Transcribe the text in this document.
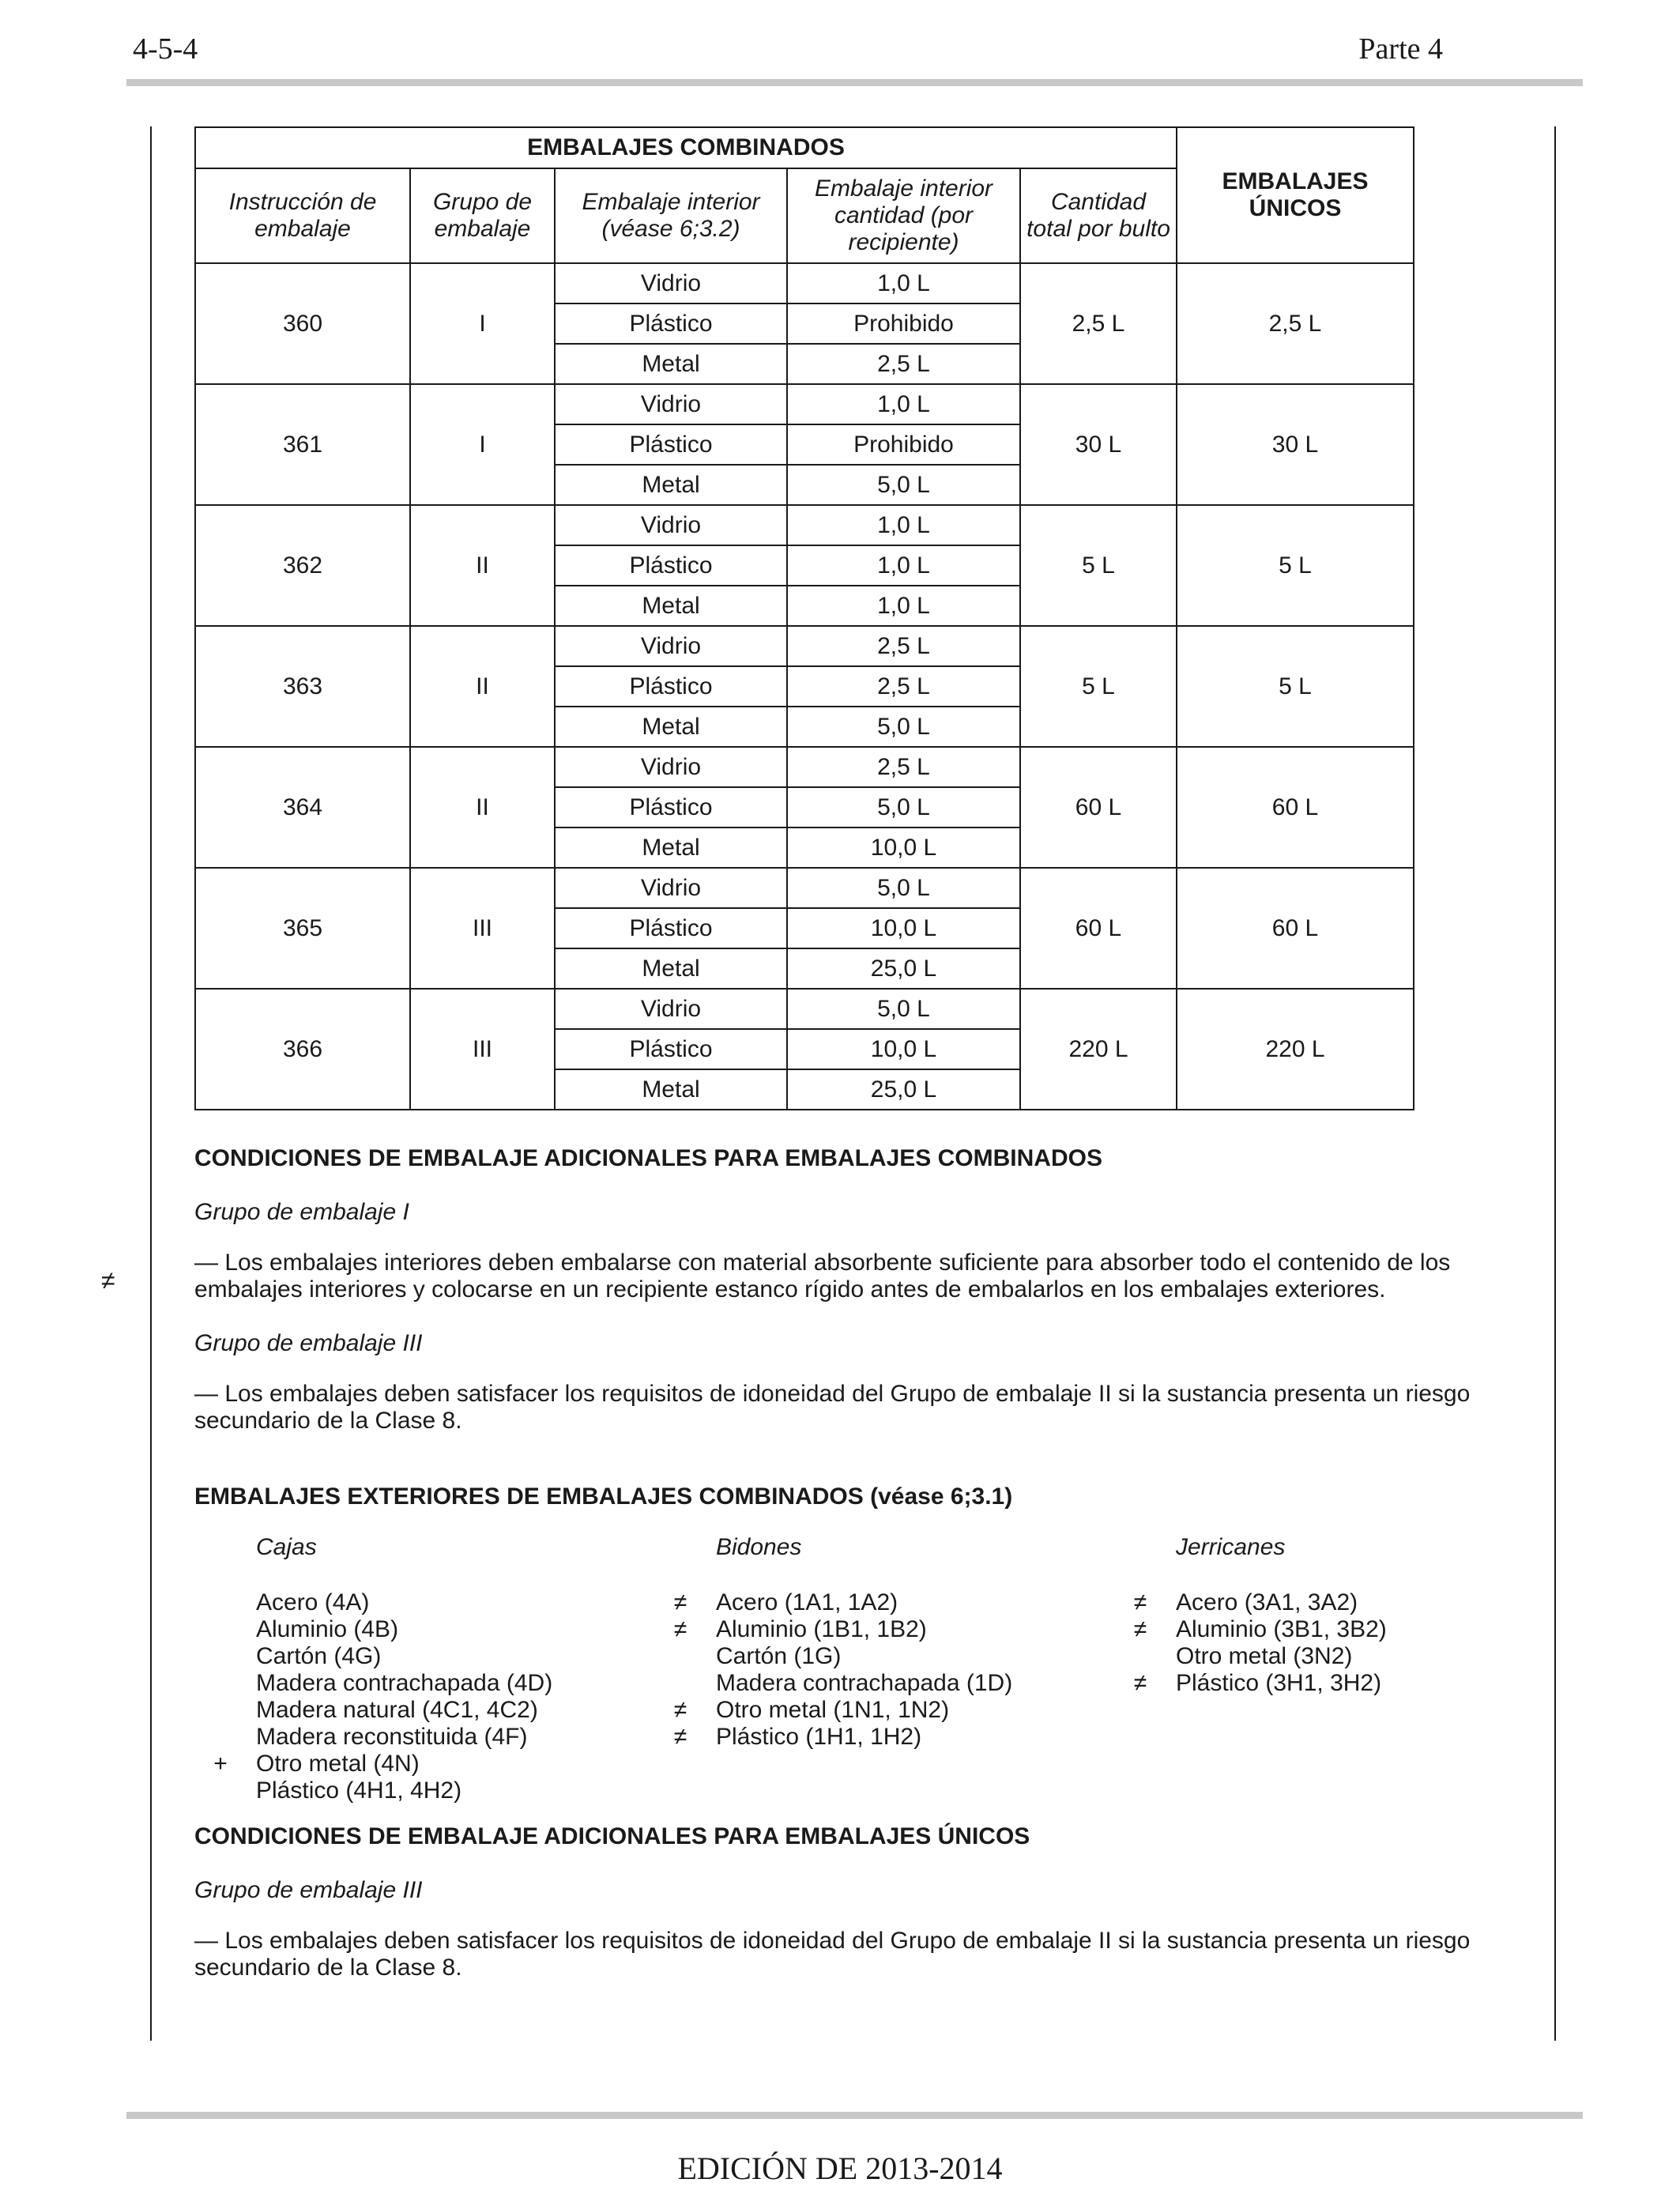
4-5-4	Parte 4
≠
EMBALAJES COMBINADOS					EMBALAJES ÚNICOS
Instrucción de embalaje	Grupo de embalaje	Embalaje interior (véase 6;3.2)	Embalaje interior cantidad (por recipiente)	Cantidad total por bulto	
360	I	Vidrio	1,0 L	2,5 L	2,5 L
		Plástico	Prohibido		
		Metal	2,5 L		
361	I	Vidrio	1,0 L	30 L	30 L
		Plástico	Prohibido		
		Metal	5,0 L		
362	II	Vidrio	1,0 L	5 L	5 L
		Plástico	1,0 L		
		Metal	1,0 L		
363	II	Vidrio	2,5 L	5 L	5 L
		Plástico	2,5 L		
		Metal	5,0 L		
364	II	Vidrio	2,5 L	60 L	60 L
		Plástico	5,0 L		
		Metal	10,0 L		
365	III	Vidrio	5,0 L	60 L	60 L
		Plástico	10,0 L		
		Metal	25,0 L		
366	III	Vidrio	5,0 L	220 L	220 L
		Plástico	10,0 L		
		Metal	25,0 L		
CONDICIONES DE EMBALAJE ADICIONALES PARA EMBALAJES COMBINADOS
Grupo de embalaje I
— Los embalajes interiores deben embalarse con material absorbente suficiente para absorber todo el contenido de los embalajes interiores y colocarse en un recipiente estanco rígido antes de embalarlos en los embalajes exteriores.
Grupo de embalaje III
— Los embalajes deben satisfacer los requisitos de idoneidad del Grupo de embalaje II si la sustancia presenta un riesgo secundario de la Clase 8.
EMBALAJES EXTERIORES DE EMBALAJES COMBINADOS (véase 6;3.1)
Cajas
Acero (4A)
Aluminio (4B)
Cartón (4G)
Madera contrachapada (4D)
Madera natural (4C1, 4C2)
Madera reconstituida (4F)
+ Otro metal (4N)
Plástico (4H1, 4H2)
Bidones
≠ Acero (1A1, 1A2)
≠ Aluminio (1B1, 1B2)
Cartón (1G)
Madera contrachapada (1D)
≠ Otro metal (1N1, 1N2)
≠ Plástico (1H1, 1H2)
Jerricanes
≠ Acero (3A1, 3A2)
≠ Aluminio (3B1, 3B2)
Otro metal (3N2)
≠ Plástico (3H1, 3H2)
CONDICIONES DE EMBALAJE ADICIONALES PARA EMBALAJES ÚNICOS
Grupo de embalaje III
— Los embalajes deben satisfacer los requisitos de idoneidad del Grupo de embalaje II si la sustancia presenta un riesgo secundario de la Clase 8.
EDICIÓN DE 2013-2014
